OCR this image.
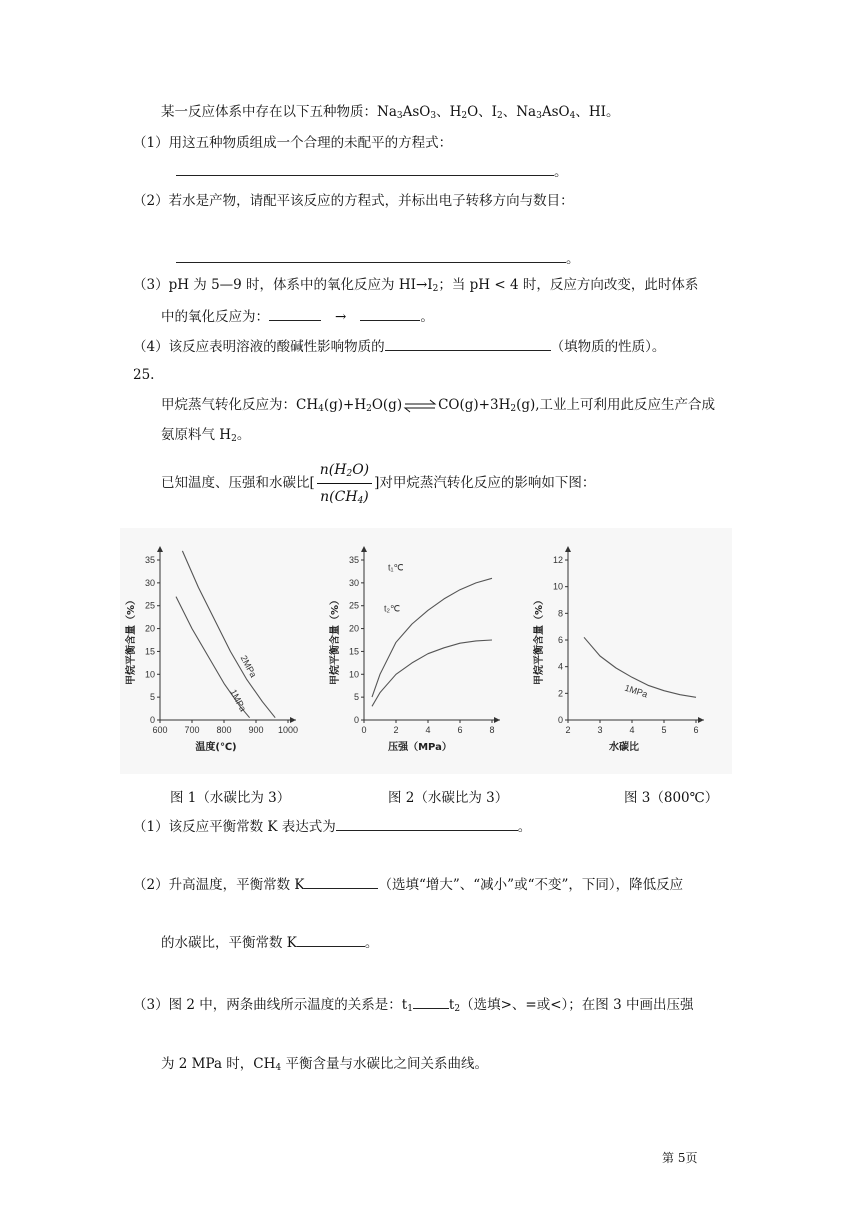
某一反应体系中存在以下五种物质：$Na_3AsO_3$、$H_2O$、$I_2$、$Na_3AsO_4$、HI。
（1）用这五种物质组成一个合理的未配平的方程式：
。
（2）若水是产物，请配平该反应的方程式，并标出电子转移方向与数目：
。
（3）pH 为 5—9 时，体系中的氧化反应为 $HI\to I_2$；当 pH < 4 时，反应方向改变，此时体系
中的氧化反应为：	→	。
（4）该反应表明溶液的酸碱性影响物质的	（填物质的性质）。
25.
甲烷蒸气转化反应为：$CH_4(g)+H_2O(g)\rightleftharpoons CO(g)+3H_2(g)$,工业上可利用此反应生产合成
氨原料气 $H_2$。
已知温度、压强和水碳比[ $\frac{n(H_2O)}{n(CH_4)}$ ]对甲烷蒸汽转化反应的影响如下图：
600 700 800 900 1000
0
5
10
15
20
25
30
35
温度(℃)
甲烷平衡含量（%）
1MPa
2MPa
0	2	4	6	8
0
5
10
15
20
25
30
35
压强（MPa）
甲烷平衡含量（%）
t₁℃
t₂℃
2	3	4	5	6
0
2
4
6
8
10
12
水碳比
甲烷平衡含量（%）
1MPa
图 1（水碳比为 3）	图 2（水碳比为 3）	图 3（800℃）
（1）该反应平衡常数 K 表达式为	。
（2）升高温度，平衡常数 K	（选填“增大”、“减小”或“不变”，下同），降低反应
的水碳比，平衡常数 K	。
（3）图 2 中，两条曲线所示温度的关系是：$t_1$	$t_2$（选填>、=或<）；在图 3 中画出压强
为 2 MPa 时，$CH_4$ 平衡含量与水碳比之间关系曲线。
第 5页
